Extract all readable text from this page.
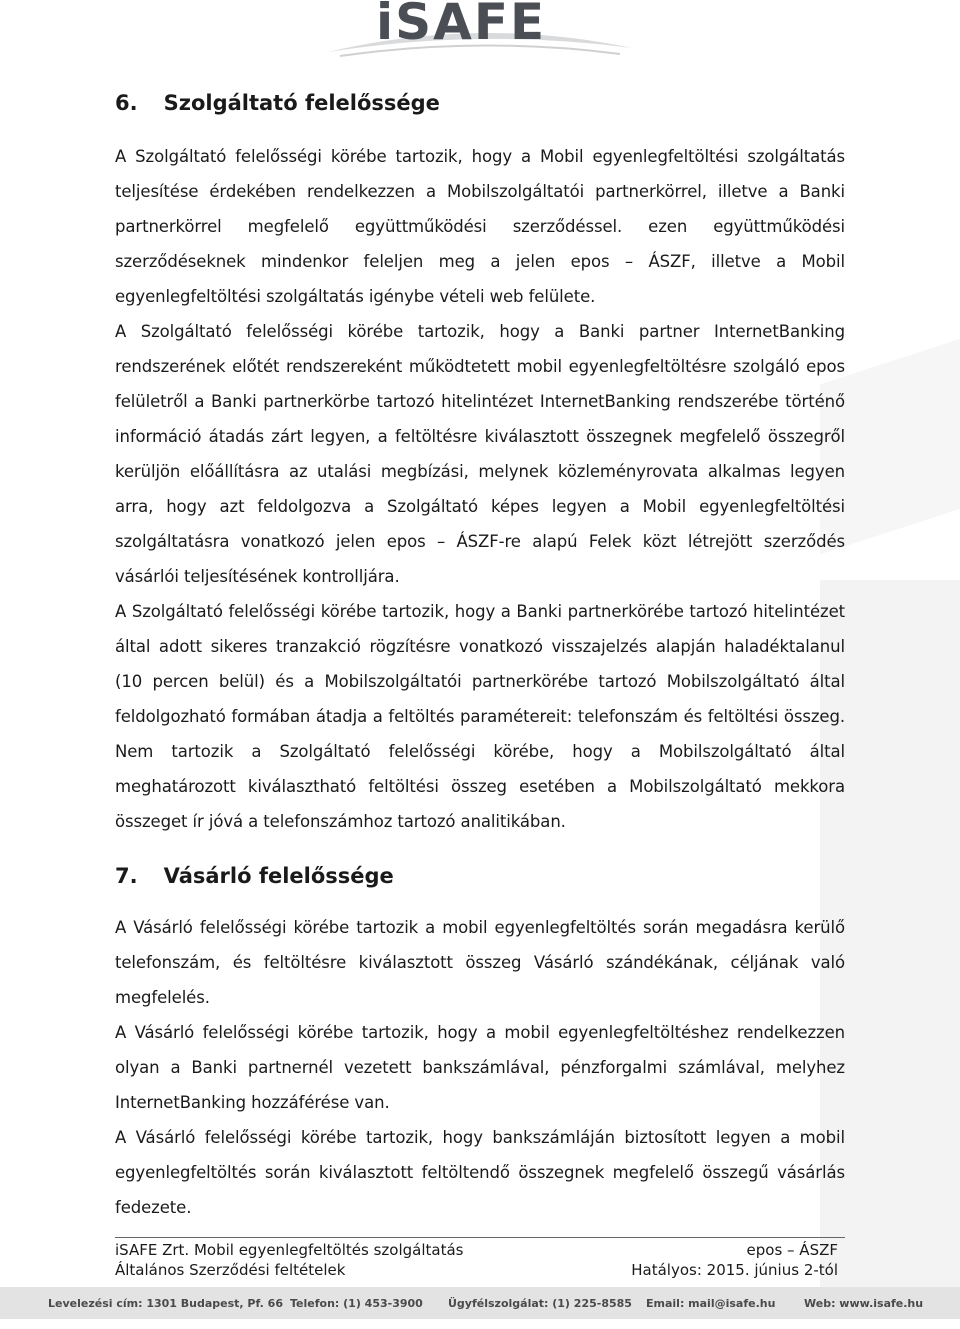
iSAFE
6. Szolgáltató felelőssége

A Szolgáltató felelősségi körébe tartozik, hogy a Mobil egyenlegfeltöltési szolgáltatás teljesítése érdekében rendelkezzen a Mobilszolgáltatói partnerkörrel, illetve a Banki partnerkörrel megfelelő együttműködési szerződéssel. ezen együttműködési szerződéseknek mindenkor feleljen meg a jelen epos – ÁSZF, illetve a Mobil egyenlegfeltöltési szolgáltatás igénybe vételi web felülete.

A Szolgáltató felelősségi körébe tartozik, hogy a Banki partner InternetBanking rendszerének előtét rendszereként működtetett mobil egyenlegfeltöltésre szolgáló epos felületről a Banki partnerkörbe tartozó hitelintézet InternetBanking rendszerébe történő információ átadás zárt legyen, a feltöltésre kiválasztott összegnek megfelelő összegről kerüljön előállításra az utalási megbízási, melynek közleményrovata alkalmas legyen arra, hogy azt feldolgozva a Szolgáltató képes legyen a Mobil egyenlegfeltöltési szolgáltatásra vonatkozó jelen epos – ÁSZF-re alapú Felek közt létrejött szerződés vásárlói teljesítésének kontrolljára.

A Szolgáltató felelősségi körébe tartozik, hogy a Banki partnerkörébe tartozó hitelintézet által adott sikeres tranzakció rögzítésre vonatkozó visszajelzés alapján haladéktalanul (10 percen belül) és a Mobilszolgáltatói partnerkörébe tartozó Mobilszolgáltató által feldolgozható formában átadja a feltöltés paramétereit: telefonszám és feltöltési összeg. Nem tartozik a Szolgáltató felelősségi körébe, hogy a Mobilszolgáltató által meghatározott kiválasztható feltöltési összeg esetében a Mobilszolgáltató mekkora összeget ír jóvá a telefonszámhoz tartozó analitikában.

7. Vásárló felelőssége

A Vásárló felelősségi körébe tartozik a mobil egyenlegfeltöltés során megadásra kerülő telefonszám, és feltöltésre kiválasztott összeg Vásárló szándékának, céljának való megfelelés.

A Vásárló felelősségi körébe tartozik, hogy a mobil egyenlegfeltöltéshez rendelkezzen olyan a Banki partnernél vezetett bankszámlával, pénzforgalmi számlával, melyhez InternetBanking hozzáférése van.

A Vásárló felelősségi körébe tartozik, hogy bankszámláján biztosított legyen a mobil egyenlegfeltöltés során kiválasztott feltöltendő összegnek megfelelő összegű vásárlás fedezete.

iSAFE Zrt. Mobil egyenlegfeltöltés szolgáltatás	epos – ÁSZF
Általános Szerződési feltételek	Hatályos: 2015. június 2-tól
Levelezési cím: 1301 Budapest, Pf. 66 Telefon: (1) 453-3900 Ügyfélszolgálat: (1) 225-8585 Email: mail@isafe.hu	Web: www.isafe.hu
